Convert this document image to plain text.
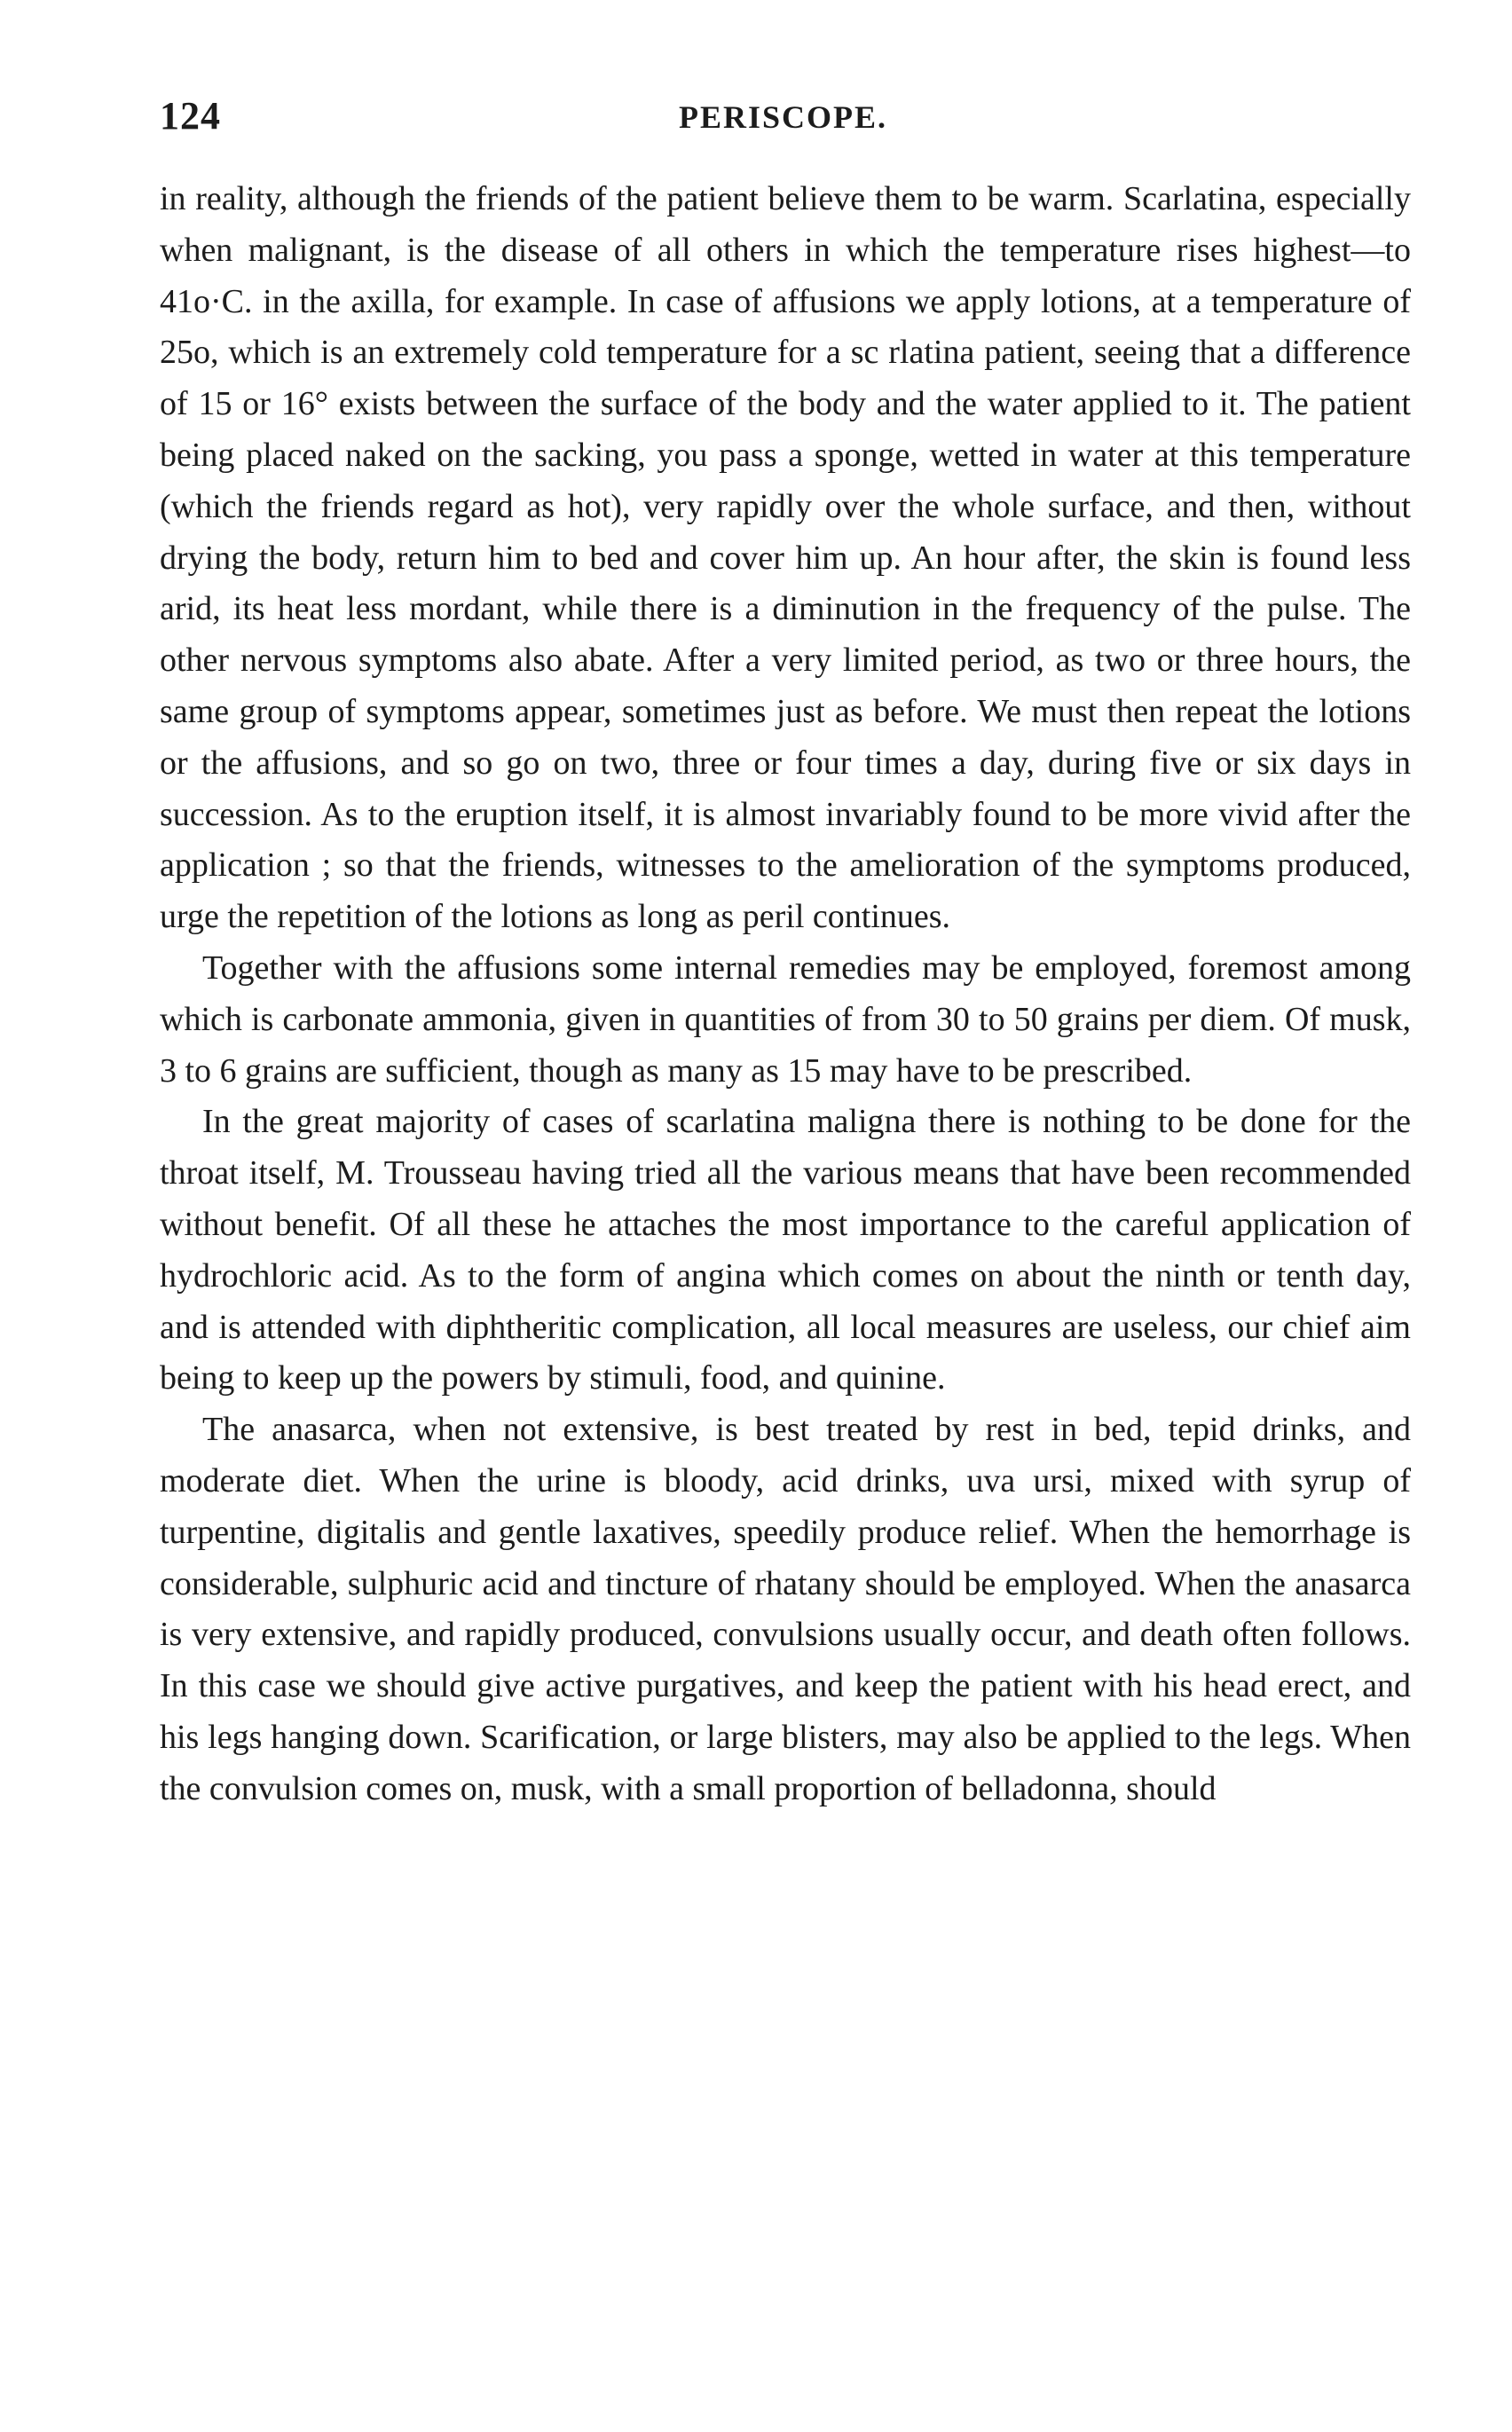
124	PERISCOPE.

in reality, although the friends of the patient believe them to be warm. Scarlatina, especially when malignant, is the disease of all others in which the temperature rises highest—to 41o·C. in the axilla, for example. In case of affusions we apply lotions, at a temperature of 25o, which is an extremely cold temperature for a sc rlatina patient, seeing that a difference of 15 or 16° exists between the surface of the body and the water applied to it. The patient being placed naked on the sacking, you pass a sponge, wetted in water at this temperature (which the friends regard as hot), very rapidly over the whole surface, and then, without drying the body, return him to bed and cover him up. An hour after, the skin is found less arid, its heat less mordant, while there is a diminution in the frequency of the pulse. The other nervous symptoms also abate. After a very limited period, as two or three hours, the same group of symptoms appear, sometimes just as before. We must then repeat the lotions or the affusions, and so go on two, three or four times a day, during five or six days in succession. As to the eruption itself, it is almost invariably found to be more vivid after the application ; so that the friends, witnesses to the amelioration of the symptoms produced, urge the repetition of the lotions as long as peril continues.

Together with the affusions some internal remedies may be employed, foremost among which is carbonate ammonia, given in quantities of from 30 to 50 grains per diem. Of musk, 3 to 6 grains are sufficient, though as many as 15 may have to be prescribed.

In the great majority of cases of scarlatina maligna there is nothing to be done for the throat itself, M. Trousseau having tried all the various means that have been recommended without benefit. Of all these he attaches the most importance to the careful application of hydrochloric acid. As to the form of angina which comes on about the ninth or tenth day, and is attended with diphtheritic complication, all local measures are useless, our chief aim being to keep up the powers by stimuli, food, and quinine.

The anasarca, when not extensive, is best treated by rest in bed, tepid drinks, and moderate diet. When the urine is bloody, acid drinks, uva ursi, mixed with syrup of turpentine, digitalis and gentle laxatives, speedily produce relief. When the hemorrhage is considerable, sulphuric acid and tincture of rhatany should be employed. When the anasarca is very extensive, and rapidly produced, convulsions usually occur, and death often follows. In this case we should give active purgatives, and keep the patient with his head erect, and his legs hanging down. Scarification, or large blisters, may also be applied to the legs. When the convulsion comes on, musk, with a small proportion of belladonna, should
